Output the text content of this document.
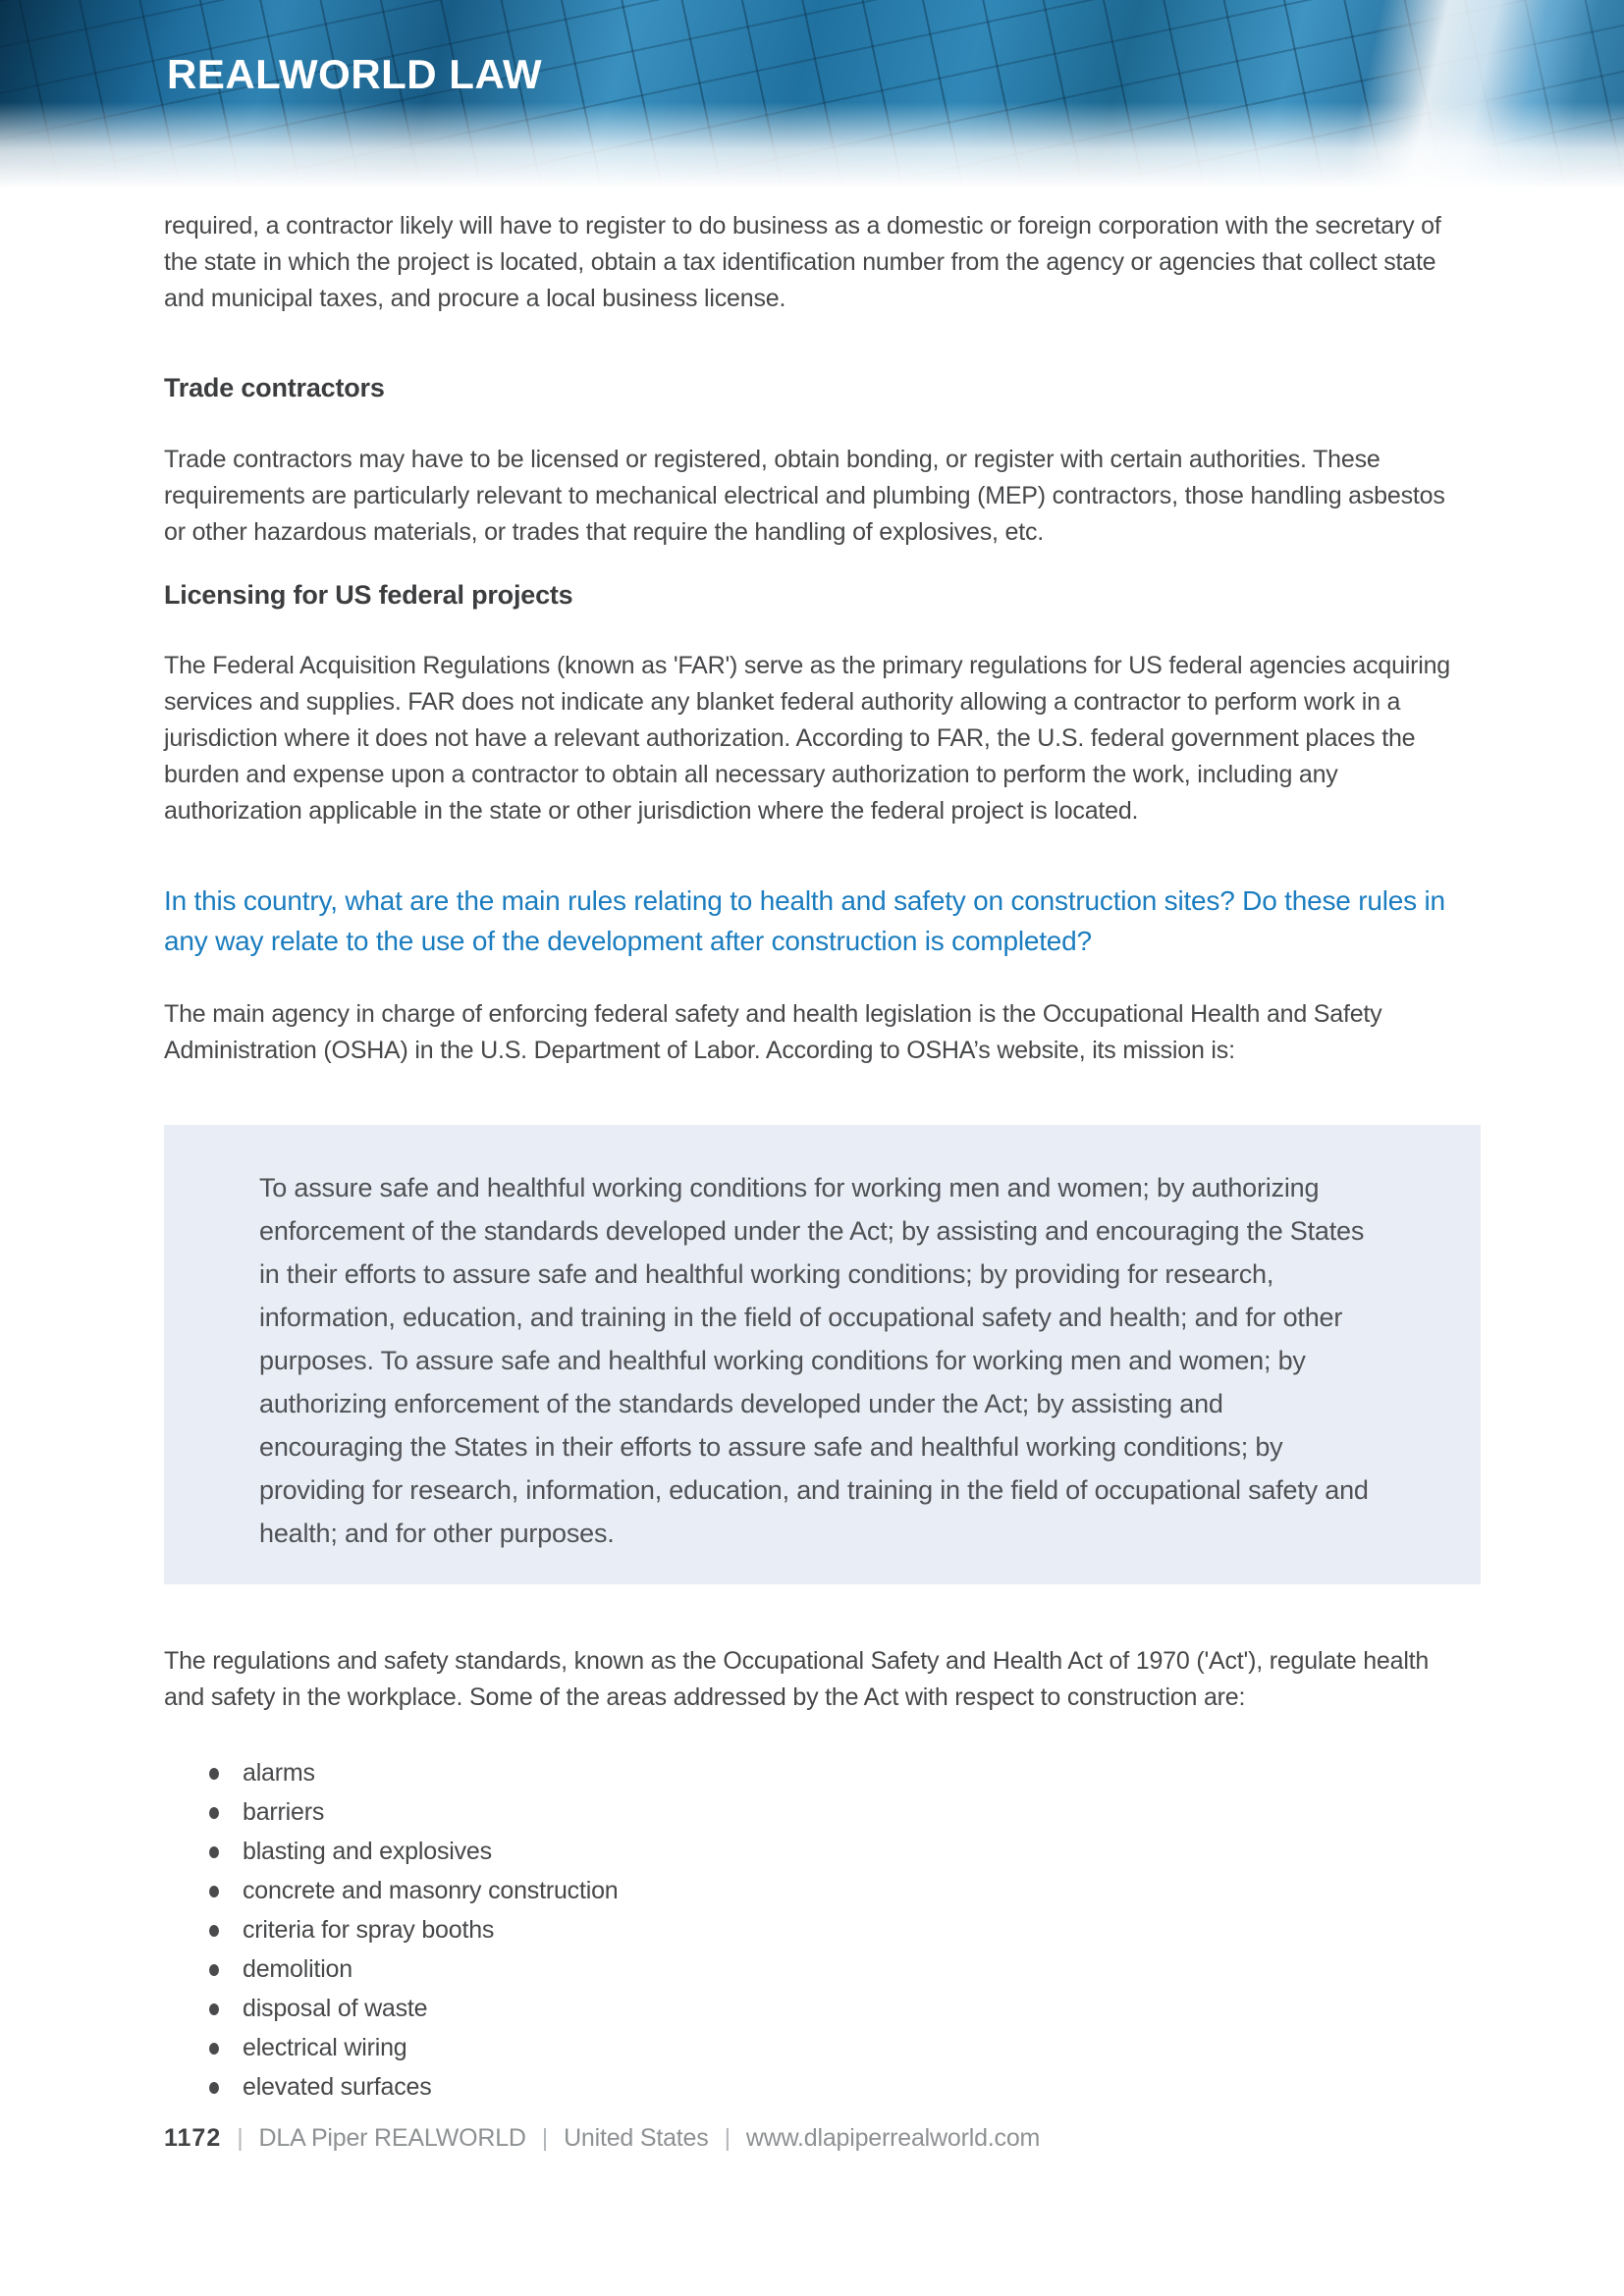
REALWORLD LAW

required, a contractor likely will have to register to do business as a domestic or foreign corporation with the secretary of the state in which the project is located, obtain a tax identification number from the agency or agencies that collect state and municipal taxes, and procure a local business license.

Trade contractors

Trade contractors may have to be licensed or registered, obtain bonding, or register with certain authorities. These requirements are particularly relevant to mechanical electrical and plumbing (MEP) contractors, those handling asbestos or other hazardous materials, or trades that require the handling of explosives, etc.

Licensing for US federal projects

The Federal Acquisition Regulations (known as 'FAR') serve as the primary regulations for US federal agencies acquiring services and supplies. FAR does not indicate any blanket federal authority allowing a contractor to perform work in a jurisdiction where it does not have a relevant authorization. According to FAR, the U.S. federal government places the burden and expense upon a contractor to obtain all necessary authorization to perform the work, including any authorization applicable in the state or other jurisdiction where the federal project is located.

In this country, what are the main rules relating to health and safety on construction sites? Do these rules in any way relate to the use of the development after construction is completed?

The main agency in charge of enforcing federal safety and health legislation is the Occupational Health and Safety Administration (OSHA) in the U.S. Department of Labor. According to OSHA’s website, its mission is:

To assure safe and healthful working conditions for working men and women; by authorizing enforcement of the standards developed under the Act; by assisting and encouraging the States in their efforts to assure safe and healthful working conditions; by providing for research, information, education, and training in the field of occupational safety and health; and for other purposes. To assure safe and healthful working conditions for working men and women; by authorizing enforcement of the standards developed under the Act; by assisting and encouraging the States in their efforts to assure safe and healthful working conditions; by providing for research, information, education, and training in the field of occupational safety and health; and for other purposes.

The regulations and safety standards, known as the Occupational Safety and Health Act of 1970 ('Act'), regulate health and safety in the workplace. Some of the areas addressed by the Act with respect to construction are:

alarms
barriers
blasting and explosives
concrete and masonry construction
criteria for spray booths
demolition
disposal of waste
electrical wiring
elevated surfaces
1172 | DLA Piper REALWORLD | United States | www.dlapiperrealworld.com
